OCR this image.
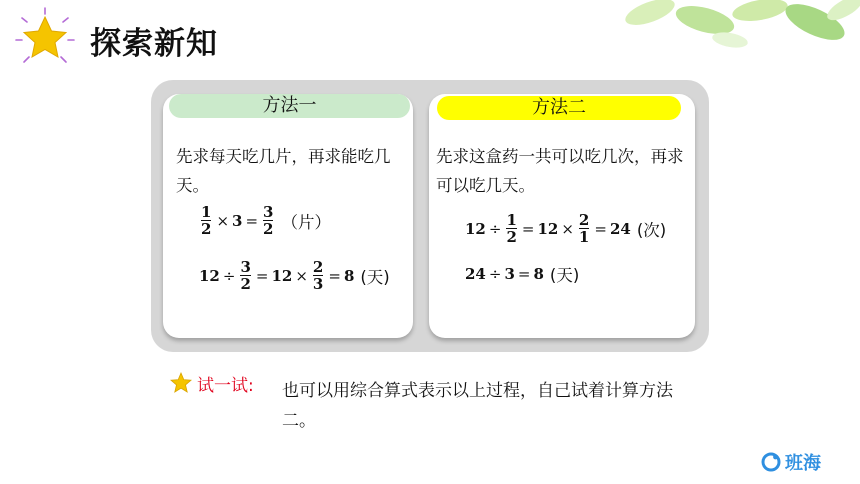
探索新知
方法一
先求每天吃几片，再求能吃几天。
$\frac{1}{2} \times 3 = \frac{3}{2}$ （片）
$12 \div \frac{3}{2} = 12 \times \frac{2}{3} = 8$ (天)
方法二
先求这盒药一共可以吃几次，再求可以吃几天。
$12 \div \frac{1}{2} = 12 \times \frac{2}{1} = 24$ (次)
24 ÷ 3 = 8 (天)
试一试: 也可以用综合算式表示以上过程，自己试着计算方法二。
班海
